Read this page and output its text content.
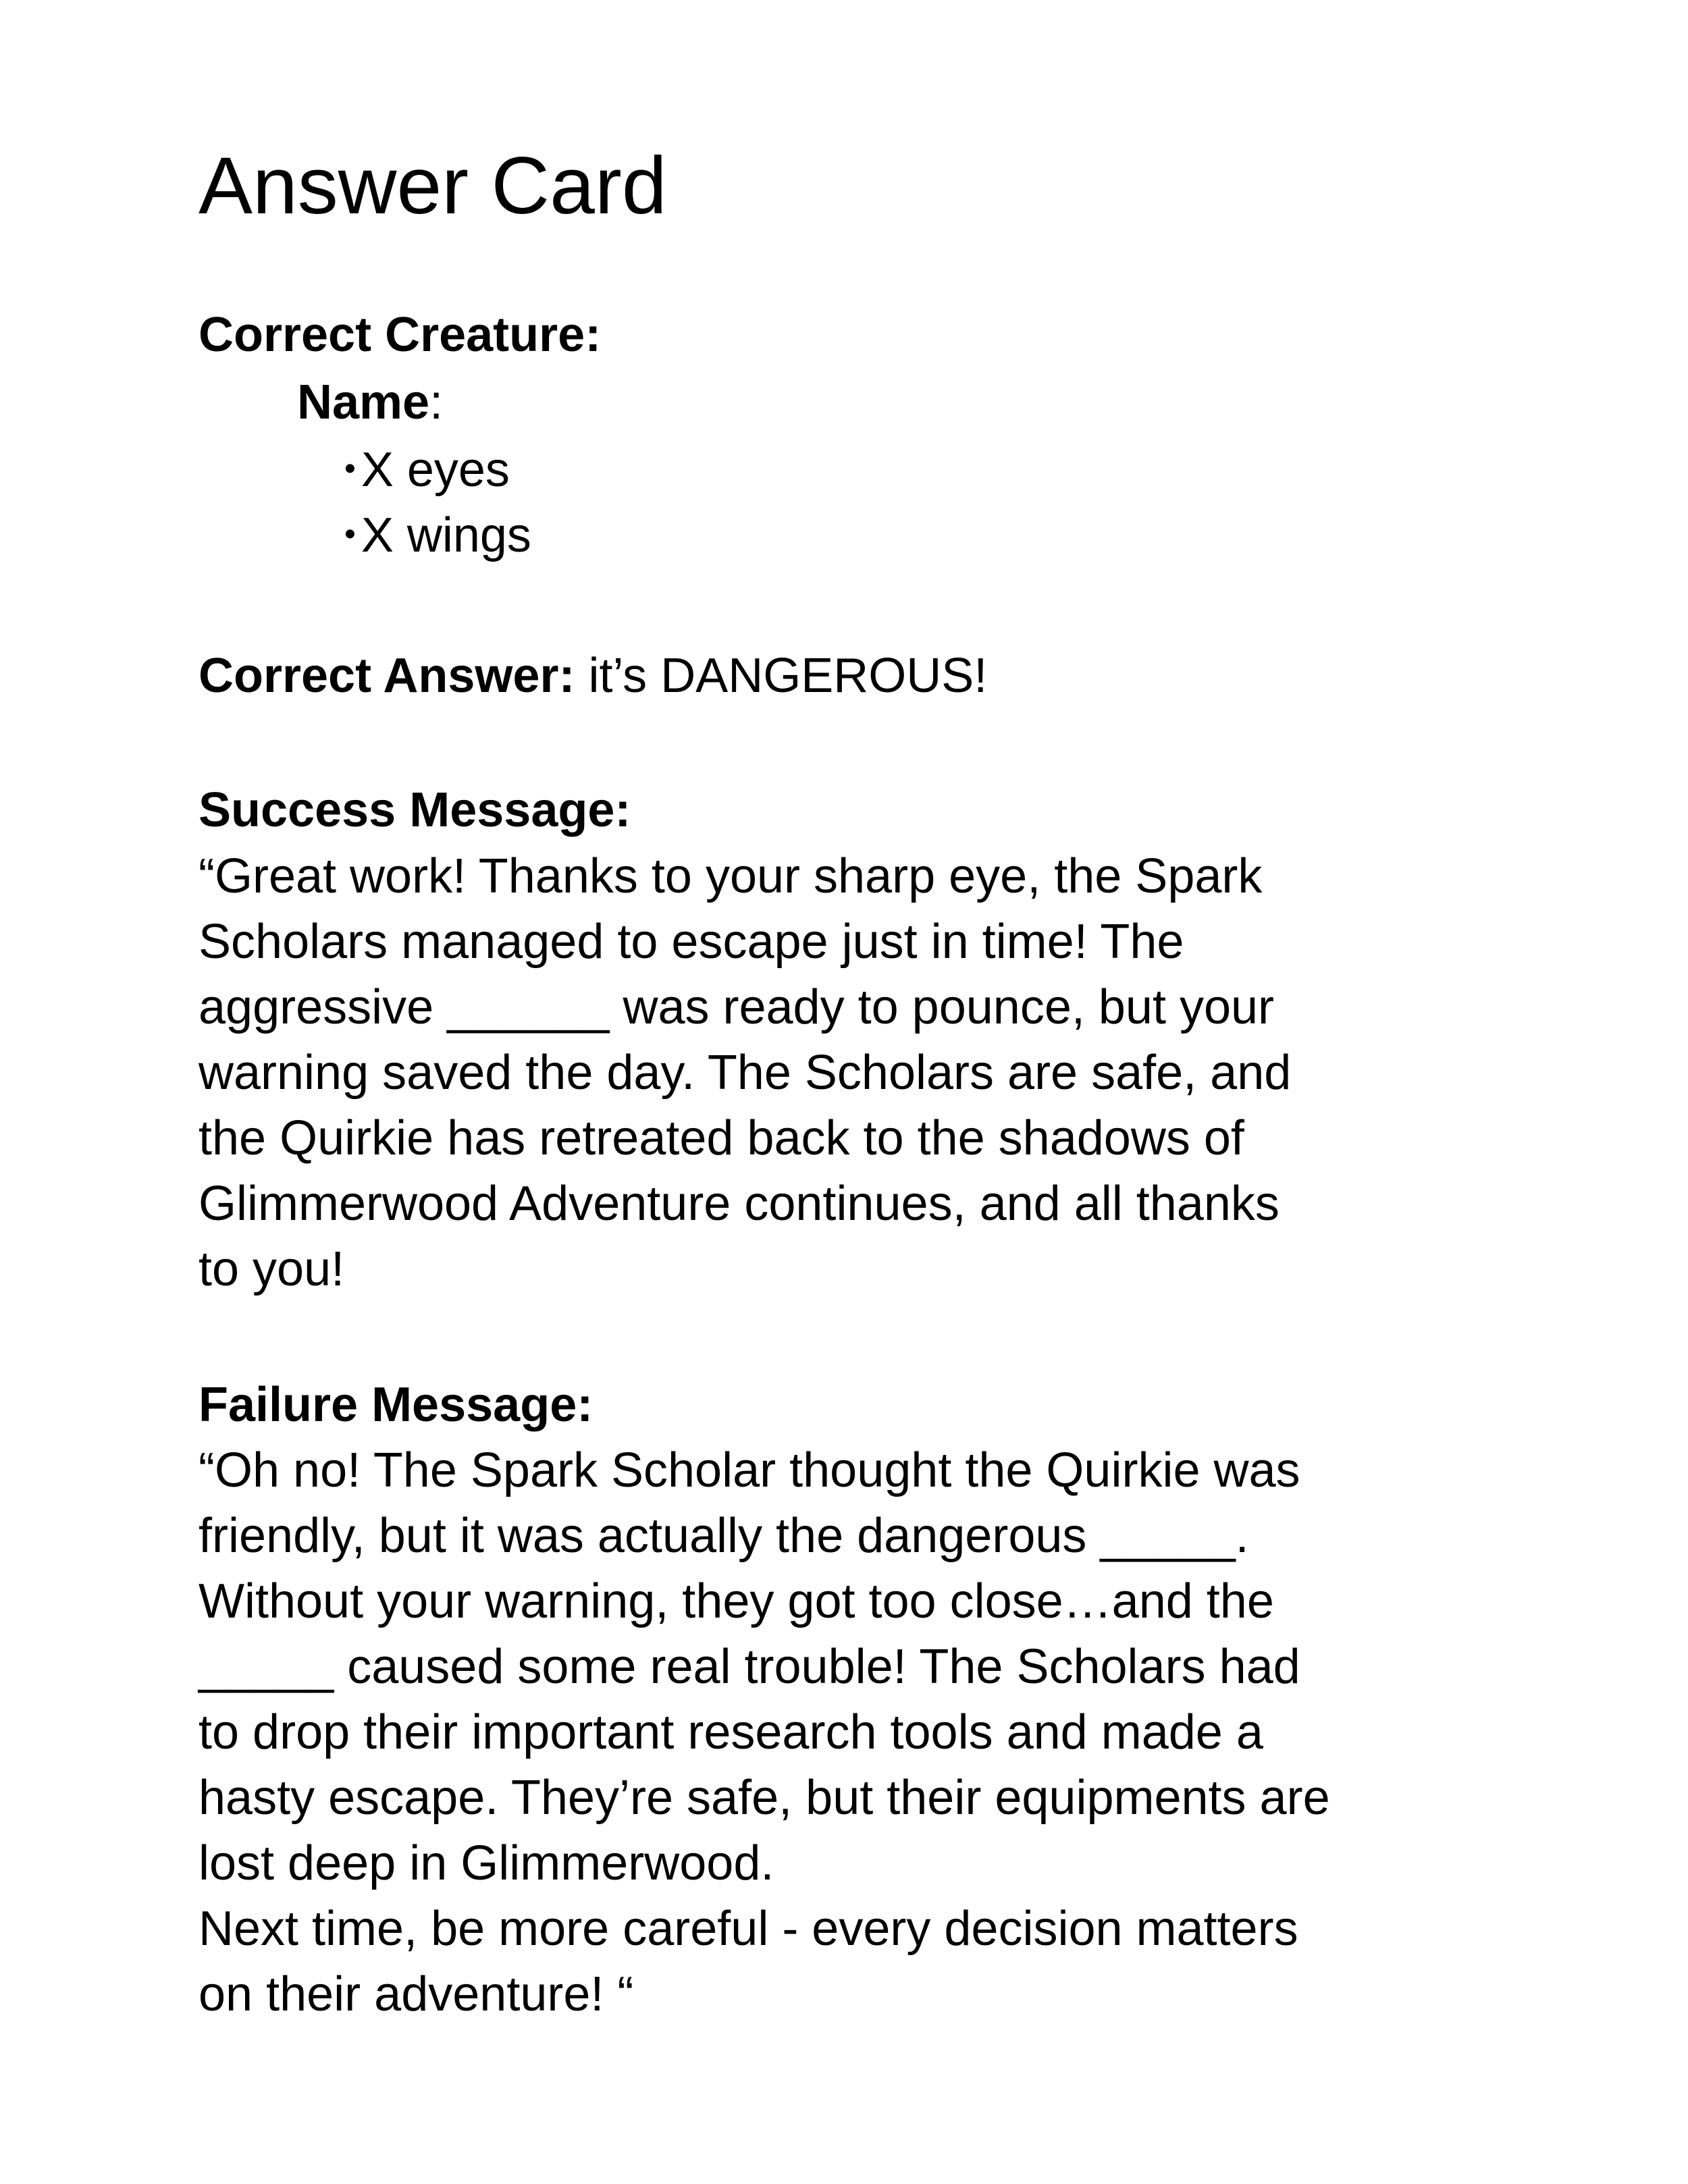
Answer Card

Correct Creature:

Name:

• X eyes

• X wings

Correct Answer: it’s DANGEROUS!

Success Message:

“Great work! Thanks to your sharp eye, the Spark

Scholars managed to escape just in time! The

aggressive ______ was ready to pounce, but your

warning saved the day. The Scholars are safe, and

the Quirkie has retreated back to the shadows of

Glimmerwood Adventure continues, and all thanks

to you!

Failure Message:

“Oh no! The Spark Scholar thought the Quirkie was

friendly, but it was actually the dangerous _____.

Without your warning, they got too close…and the

_____ caused some real trouble! The Scholars had

to drop their important research tools and made a

hasty escape. They’re safe, but their equipments are

lost deep in Glimmerwood.

Next time, be more careful - every decision matters

on their adventure! “
